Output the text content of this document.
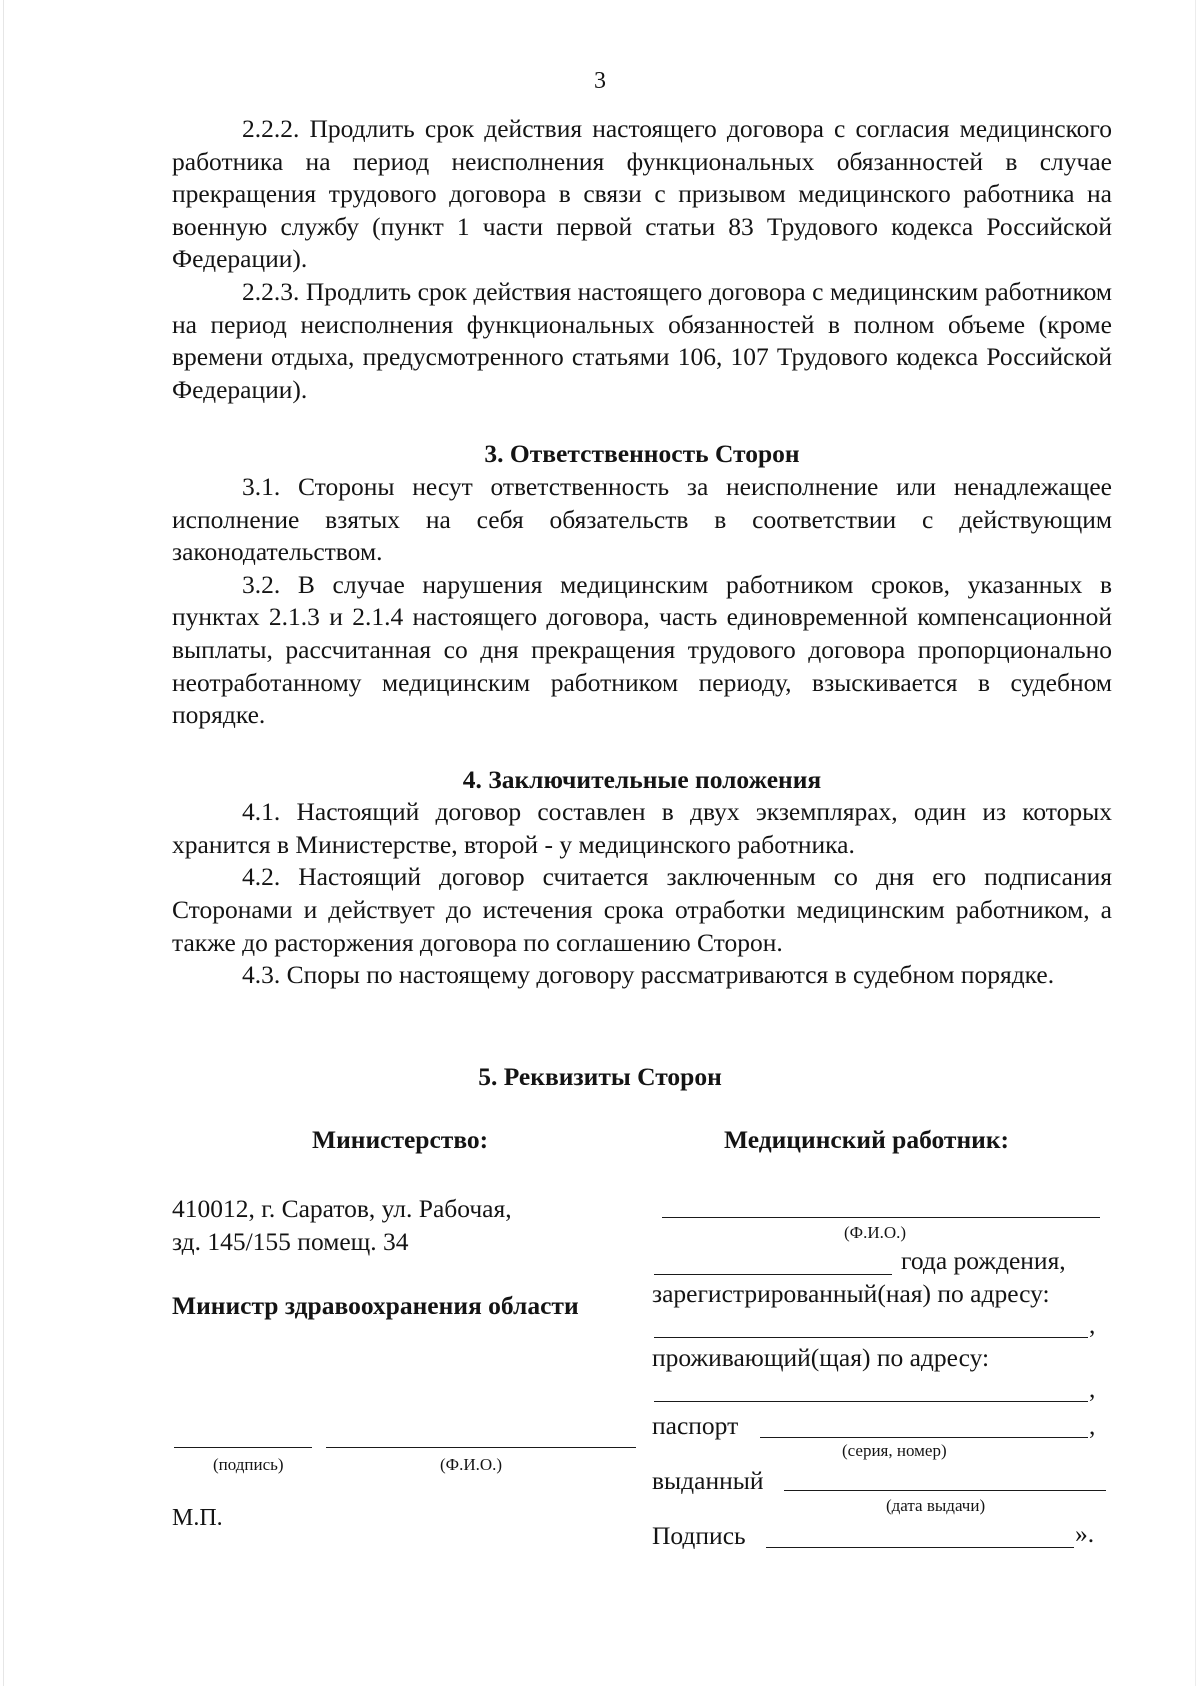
3

2.2.2. Продлить срок действия настоящего договора с согласия медицинского работника на период неисполнения функциональных обязанностей в случае прекращения трудового договора в связи с призывом медицинского работника на военную службу (пункт 1 части первой статьи 83 Трудового кодекса Российской Федерации).

2.2.3. Продлить срок действия настоящего договора с медицинским работником на период неисполнения функциональных обязанностей в полном объеме (кроме времени отдыха, предусмотренного статьями 106, 107 Трудового кодекса Российской Федерации).

3. Ответственность Сторон

3.1. Стороны несут ответственность за неисполнение или ненадлежащее исполнение взятых на себя обязательств в соответствии с действующим законодательством.

3.2. В случае нарушения медицинским работником сроков, указанных в пунктах 2.1.3 и 2.1.4 настоящего договора, часть единовременной компенсационной выплаты, рассчитанная со дня прекращения трудового договора пропорционально неотработанному медицинским работником периоду, взыскивается в судебном порядке.

4. Заключительные положения

4.1. Настоящий договор составлен в двух экземплярах, один из которых хранится в Министерстве, второй - у медицинского работника.

4.2. Настоящий договор считается заключенным со дня его подписания Сторонами и действует до истечения срока отработки медицинским работником, а также до расторжения договора по соглашению Сторон.

4.3. Споры по настоящему договору рассматриваются в судебном порядке.

5. Реквизиты Сторон
Министерство:
410012, г. Саратов, ул. Рабочая,
зд. 145/155 помещ. 34
Министр здравоохранения области
(подпись)	(Ф.И.О.)
М.П.
Медицинский работник:
(Ф.И.О.)
года рождения,
зарегистрированный(ная) по адресу:
,
проживающий(щая) по адресу:
,
паспорт	,
(серия, номер)
выданный
(дата выдачи)
Подпись	».
